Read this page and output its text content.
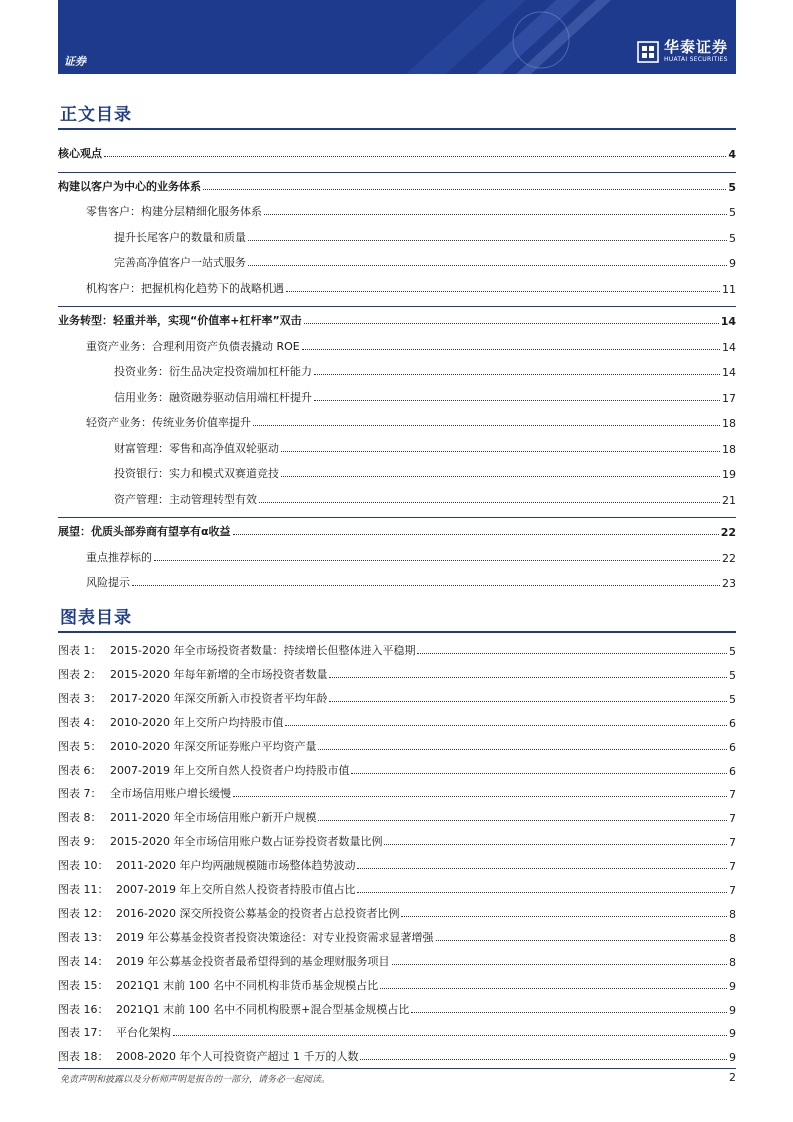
证券
华泰证券
HUATAI SECURITIES
正文目录
核心观点	4
构建以客户为中心的业务体系	5
零售客户：构建分层精细化服务体系	5
提升长尾客户的数量和质量	5
完善高净值客户一站式服务	9
机构客户：把握机构化趋势下的战略机遇	11
业务转型：轻重并举，实现“价值率+杠杆率”双击	14
重资产业务：合理利用资产负债表撬动 ROE	14
投资业务：衍生品决定投资端加杠杆能力	14
信用业务：融资融券驱动信用端杠杆提升	17
轻资产业务：传统业务价值率提升	18
财富管理：零售和高净值双轮驱动	18
投资银行：实力和模式双赛道竞技	19
资产管理：主动管理转型有效	21
展望：优质头部券商有望享有α收益	22
重点推荐标的	22
风险提示	23
图表目录
图表 1： 2015-2020 年全市场投资者数量：持续增长但整体进入平稳期	5
图表 2： 2015-2020 年每年新增的全市场投资者数量	5
图表 3： 2017-2020 年深交所新入市投资者平均年龄	5
图表 4： 2010-2020 年上交所户均持股市值	6
图表 5： 2010-2020 年深交所证券账户平均资产量	6
图表 6： 2007-2019 年上交所自然人投资者户均持股市值	6
图表 7： 全市场信用账户增长缓慢	7
图表 8： 2011-2020 年全市场信用账户新开户规模	7
图表 9： 2015-2020 年全市场信用账户数占证券投资者数量比例	7
图表 10： 2011-2020 年户均两融规模随市场整体趋势波动	7
图表 11： 2007-2019 年上交所自然人投资者持股市值占比	7
图表 12： 2016-2020 深交所投资公募基金的投资者占总投资者比例	8
图表 13： 2019 年公募基金投资者投资决策途径：对专业投资需求显著增强	8
图表 14： 2019 年公募基金投资者最希望得到的基金理财服务项目	8
图表 15： 2021Q1 末前 100 名中不同机构非货币基金规模占比	9
图表 16： 2021Q1 末前 100 名中不同机构股票+混合型基金规模占比	9
图表 17： 平台化架构	9
图表 18： 2008-2020 年个人可投资资产超过 1 千万的人数	9
免责声明和披露以及分析师声明是报告的一部分，请务必一起阅读。	2
